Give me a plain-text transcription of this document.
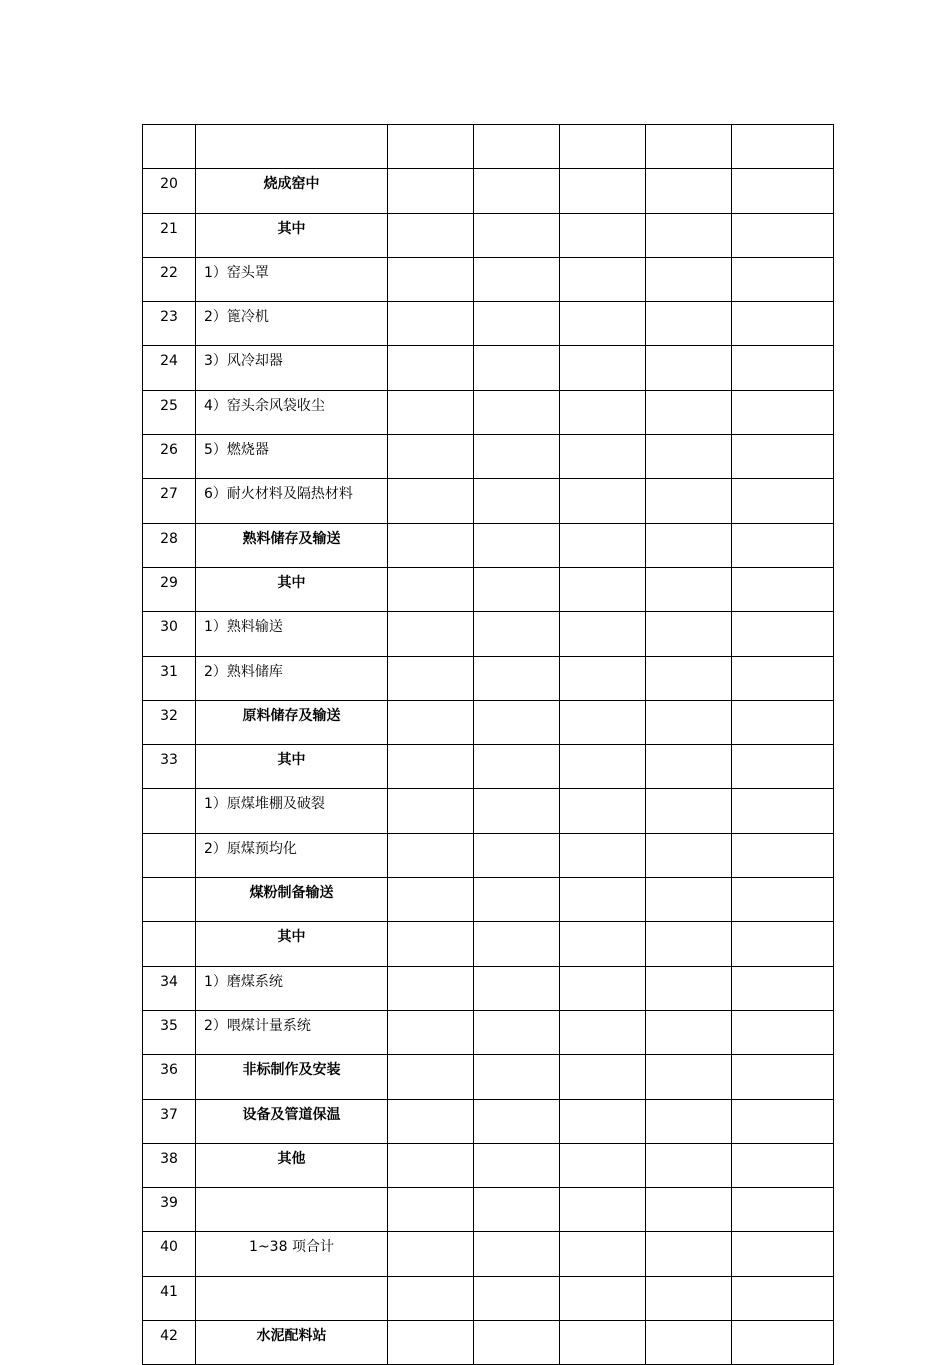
20	烧成窑中					
21	其中					
22	1）窑头罩					
23	2）篦冷机					
24	3）风冷却器					
25	4）窑头余风袋收尘					
26	5）燃烧器					
27	6）耐火材料及隔热材料					
28	熟料储存及输送					
29	其中					
30	1）熟料输送					
31	2）熟料储库					
32	原料储存及输送					
33	其中					
	1）原煤堆棚及破裂					
	2）原煤预均化					
	煤粉制备输送					
	其中					
34	1）磨煤系统					
35	2）喂煤计量系统					
36	非标制作及安装					
37	设备及管道保温					
38	其他					
39						
40	1~38 项合计					
41						
42	水泥配料站					
